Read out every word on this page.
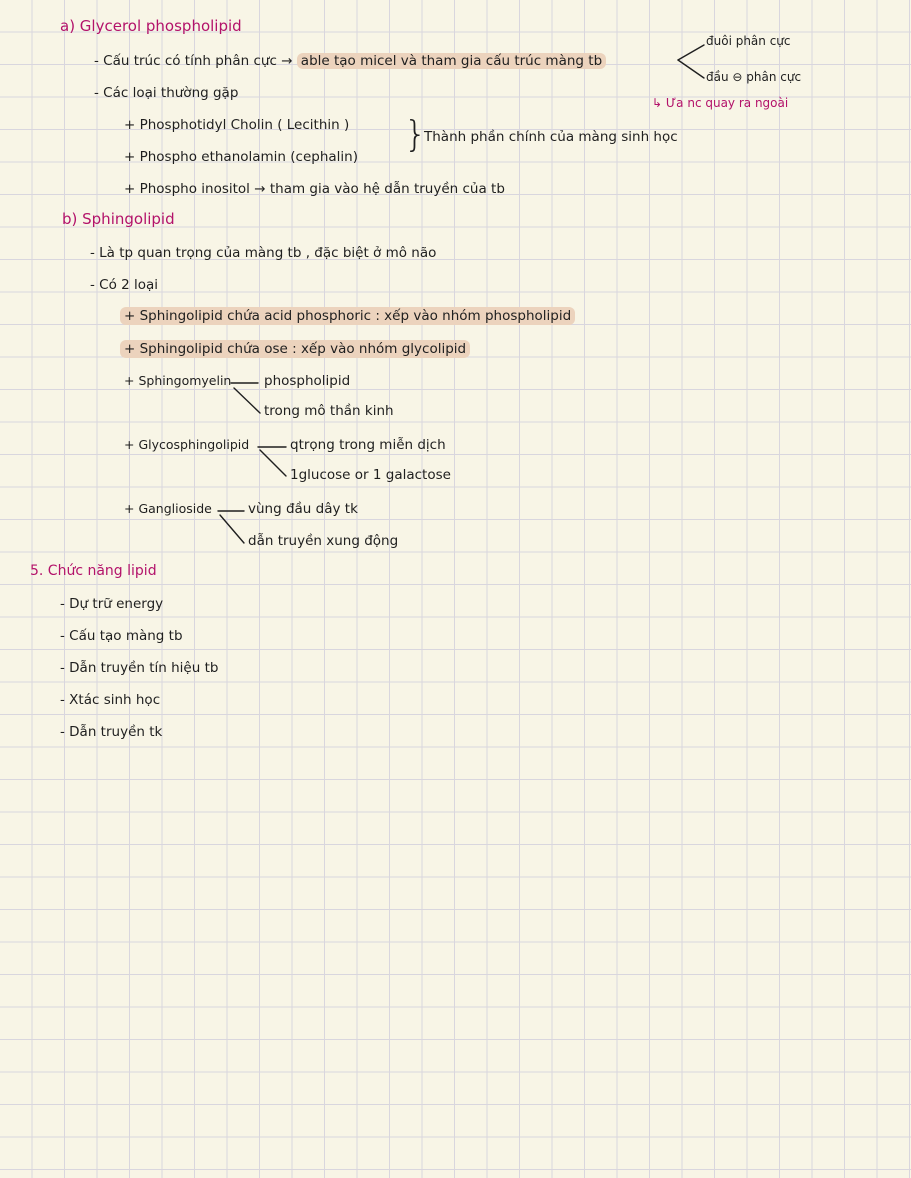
a) Glycerol phospholipid
- Cấu trúc có tính phân cực → able tạo micel và tham gia cấu trúc màng tb
đuôi phân cực
đầu ⊖ phân cực
↳ Ưa nc quay ra ngoài
- Các loại thường gặp
+ Phosphotidyl Cholin ( Lecithin )
+ Phospho ethanolamin (cephalin)
}
Thành phần chính của màng sinh học
+ Phospho inositol → tham gia vào hệ dẫn truyền của tb
b) Sphingolipid
- Là tp quan trọng của màng tb , đặc biệt ở mô não
- Có 2 loại
+ Sphingolipid chứa acid phosphoric : xếp vào nhóm phospholipid
+ Sphingolipid chứa ose : xếp vào nhóm glycolipid
+ Sphingomyelin phospholipid
trong mô thần kinh
+ Glycosphingolipid	qtrọng trong miễn dịch
1glucose or 1 galactose
+ Ganglioside	vùng đầu dây tk
dẫn truyền xung động
5. Chức năng lipid
- Dự trữ energy
- Cấu tạo màng tb
- Dẫn truyền tín hiệu tb
- Xtác sinh học
- Dẫn truyền tk
